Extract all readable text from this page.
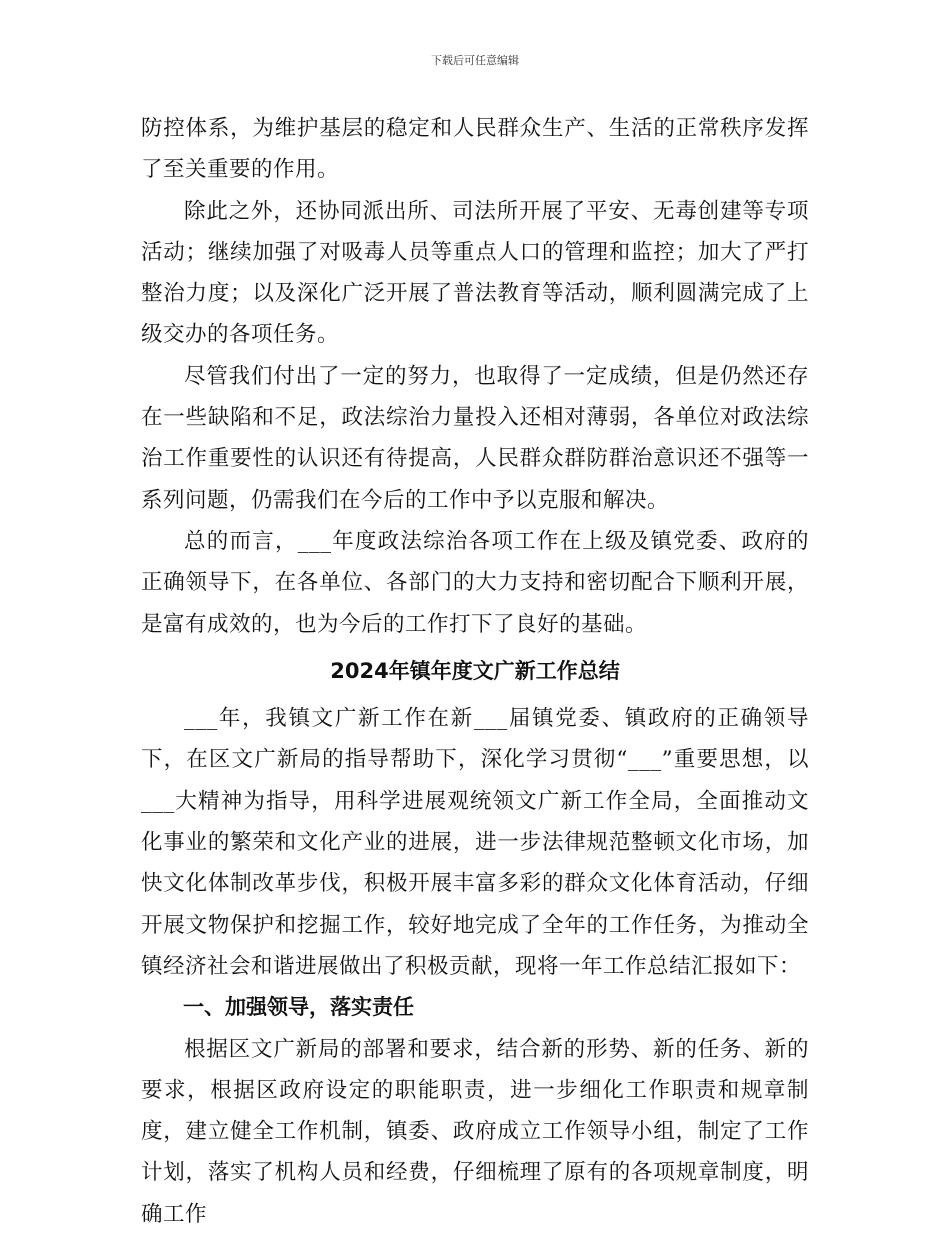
下载后可任意编辑

防控体系，为维护基层的稳定和人民群众生产、生活的正常秩序发挥了至关重要的作用。

除此之外，还协同派出所、司法所开展了平安、无毒创建等专项活动；继续加强了对吸毒人员等重点人口的管理和监控；加大了严打整治力度；以及深化广泛开展了普法教育等活动，顺利圆满完成了上级交办的各项任务。

尽管我们付出了一定的努力，也取得了一定成绩，但是仍然还存在一些缺陷和不足，政法综治力量投入还相对薄弱，各单位对政法综治工作重要性的认识还有待提高，人民群众群防群治意识还不强等一系列问题，仍需我们在今后的工作中予以克服和解决。

总的而言，___年度政法综治各项工作在上级及镇党委、政府的正确领导下，在各单位、各部门的大力支持和密切配合下顺利开展，是富有成效的，也为今后的工作打下了良好的基础。

2024年镇年度文广新工作总结

___年，我镇文广新工作在新___届镇党委、镇政府的正确领导下，在区文广新局的指导帮助下，深化学习贯彻“___”重要思想，以___大精神为指导，用科学进展观统领文广新工作全局，全面推动文化事业的繁荣和文化产业的进展，进一步法律规范整顿文化市场，加快文化体制改革步伐，积极开展丰富多彩的群众文化体育活动，仔细开展文物保护和挖掘工作，较好地完成了全年的工作任务，为推动全镇经济社会和谐进展做出了积极贡献，现将一年工作总结汇报如下：

一、加强领导，落实责任

根据区文广新局的部署和要求，结合新的形势、新的任务、新的要求，根据区政府设定的职能职责，进一步细化工作职责和规章制度，建立健全工作机制，镇委、政府成立工作领导小组，制定了工作计划，落实了机构人员和经费，仔细梳理了原有的各项规章制度，明确工作
